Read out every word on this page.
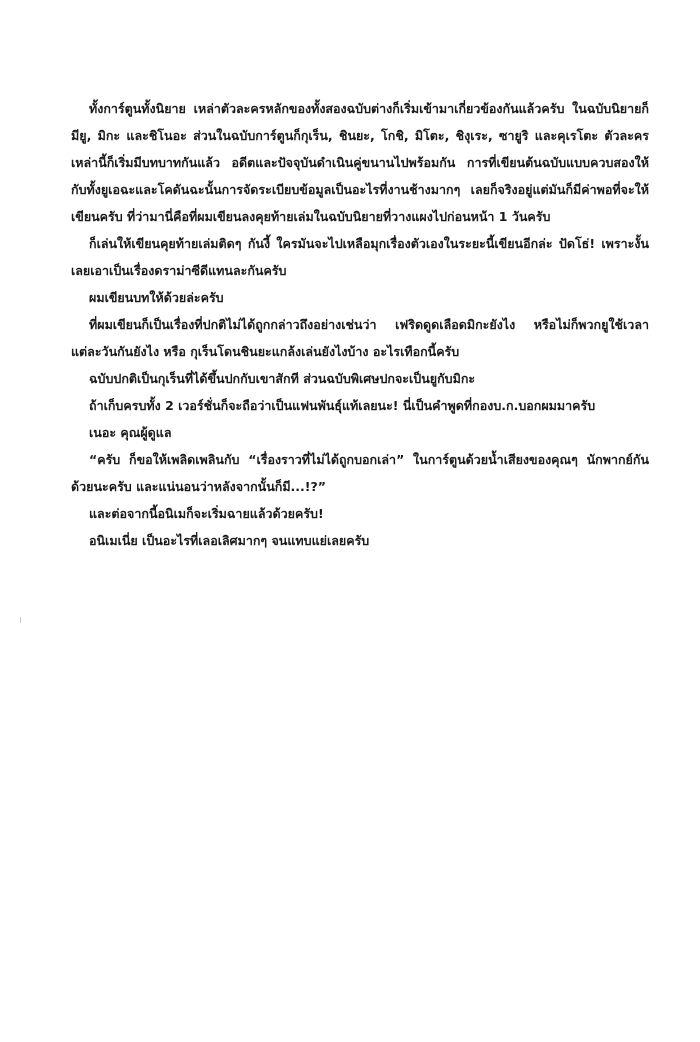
ทั้งการ์ตูนทั้งนิยาย เหล่าตัวละครหลักของทั้งสองฉบับต่างก็เริ่มเข้ามาเกี่ยวข้องกันแล้วครับ ในฉบับนิยายก็มียู, มิกะ และชิโนอะ ส่วนในฉบับการ์ตูนก็กุเร็น, ชินยะ, โกชิ, มิโตะ, ชิงุเระ, ซายูริ และคุเรโตะ ตัวละครเหล่านี้ก็เริ่มมีบทบาทกันแล้ว อดีตและปัจจุบันดำเนินคู่ขนานไปพร้อมกัน การที่เขียนต้นฉบับแบบควบสองให้กับทั้งยูเอฉะและโคดันฉะนั้นการจัดระเบียบข้อมูลเป็นอะไรที่งานช้างมากๆ เลยก็จริงอยู่แต่มันก็มีค่าพอที่จะให้เขียนครับ ที่ว่ามานี่คือที่ผมเขียนลงคุยท้ายเล่มในฉบับนิยายที่วางแผงไปก่อนหน้า 1 วันครับ

ก็เล่นให้เขียนคุยท้ายเล่มติดๆ กันงี้ ใครมันจะไปเหลือมุกเรื่องตัวเองในระยะนี้เขียนอีกล่ะ ปัดโธ่! เพราะงั้นเลยเอาเป็นเรื่องดราม่าซีดีแทนละกันครับ

ผมเขียนบทให้ด้วยล่ะครับ

ที่ผมเขียนก็เป็นเรื่องที่ปกติไม่ได้ถูกกล่าวถึงอย่างเช่นว่า เฟริดดูดเลือดมิกะยังไง หรือไม่ก็พวกยูใช้เวลาแต่ละวันกันยังไง หรือ กุเร็นโดนชินยะแกล้งเล่นยังไงบ้าง อะไรเทือกนี้ครับ

ฉบับปกติเป็นกุเร็นที่ได้ขึ้นปกกับเขาสักที ส่วนฉบับพิเศษปกจะเป็นยูกับมิกะ

ถ้าเก็บครบทั้ง 2 เวอร์ชั่นก็จะถือว่าเป็นแฟนพันธุ์แท้เลยนะ! นี่เป็นคำพูดที่กองบ.ก.บอกผมมาครับ

เนอะ คุณผู้ดูแล

“ครับ ก็ขอให้เพลิดเพลินกับ “เรื่องราวที่ไม่ได้ถูกบอกเล่า” ในการ์ตูนด้วยน้ำเสียงของคุณๆ นักพากย์กันด้วยนะครับ และแน่นอนว่าหลังจากนั้นก็มี...!?”

และต่อจากนี้อนิเมก็จะเริ่มฉายแล้วด้วยครับ!

อนิเมเนี่ย เป็นอะไรที่เลอเลิศมากๆ จนแทบแย่เลยครับ
